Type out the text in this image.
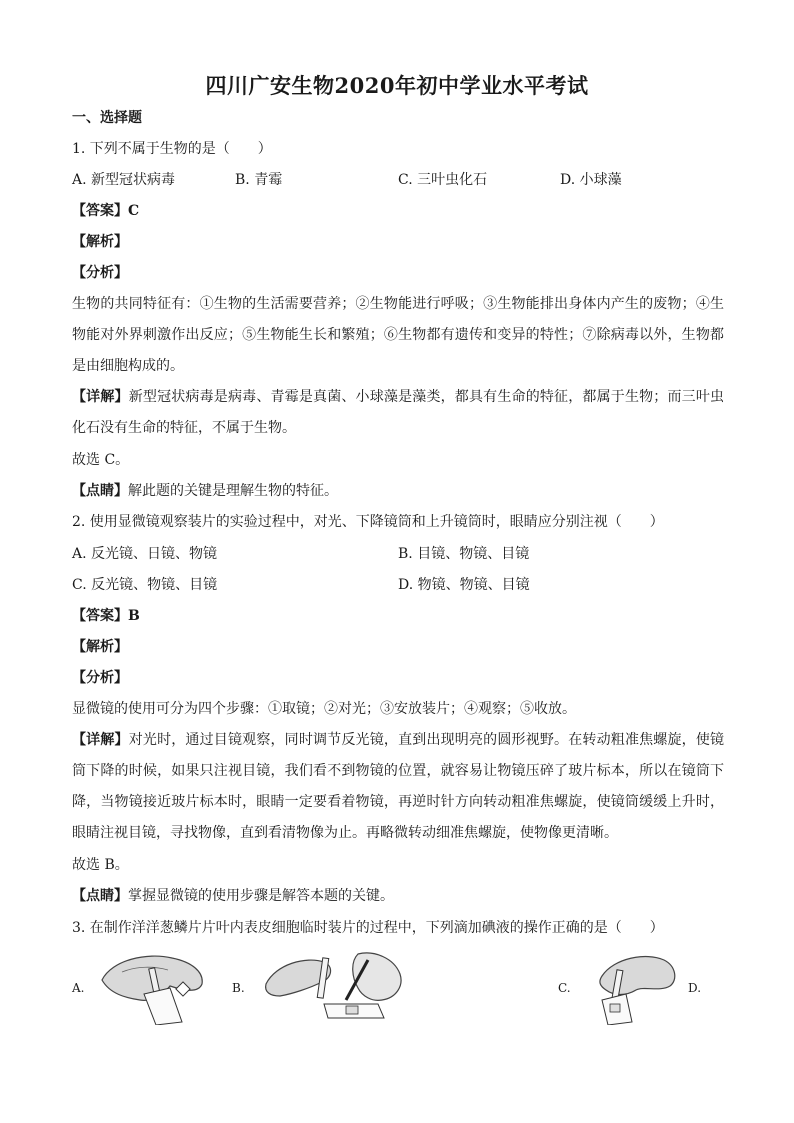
四川广安生物2020年初中学业水平考试
一、选择题
1. 下列不属于生物的是（　　）
A. 新型冠状病毒	B. 青霉	C. 三叶虫化石	D. 小球藻
【答案】C
【解析】
【分析】
生物的共同特征有：①生物的生活需要营养；②生物能进行呼吸；③生物能排出身体内产生的废物；④生物能对外界刺激作出反应；⑤生物能生长和繁殖；⑥生物都有遗传和变异的特性；⑦除病毒以外，生物都是由细胞构成的。
【详解】新型冠状病毒是病毒、青霉是真菌、小球藻是藻类，都具有生命的特征，都属于生物；而三叶虫化石没有生命的特征，不属于生物。
故选 C。
【点睛】解此题的关键是理解生物的特征。
2. 使用显微镜观察装片的实验过程中，对光、下降镜筒和上升镜筒时，眼睛应分别注视（　　）
A. 反光镜、日镜、物镜	B. 目镜、物镜、目镜
C. 反光镜、物镜、目镜	D. 物镜、物镜、目镜
【答案】B
【解析】
【分析】
显微镜的使用可分为四个步骤：①取镜；②对光；③安放装片；④观察；⑤收放。
【详解】对光时，通过目镜观察，同时调节反光镜，直到出现明亮的圆形视野。在转动粗准焦螺旋，使镜筒下降的时候，如果只注视目镜，我们看不到物镜的位置，就容易让物镜压碎了玻片标本，所以在镜筒下降，当物镜接近玻片标本时，眼睛一定要看着物镜，再逆时针方向转动粗准焦螺旋，使镜筒缓缓上升时，眼睛注视目镜，寻找物像，直到看清物像为止。再略微转动细准焦螺旋，使物像更清晰。
故选 B。
【点睛】掌握显微镜的使用步骤是解答本题的关键。
3. 在制作洋洋葱鳞片片叶内表皮细胞临时装片的过程中，下列滴加碘液的操作正确的是（　　）
A.	B.	C.	D.
